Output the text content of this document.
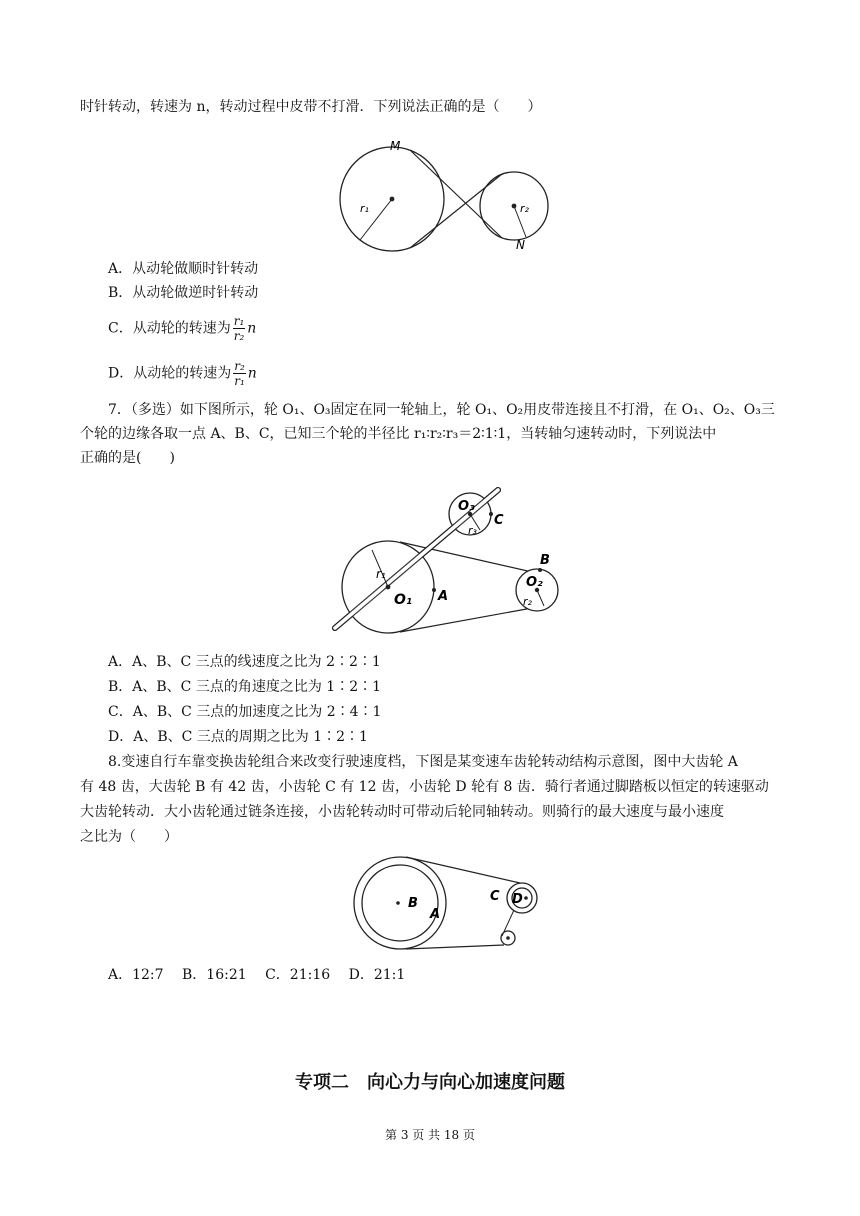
时针转动，转速为 n，转动过程中皮带不打滑．下列说法正确的是（　　）
M
N
r₁	r₂
A．从动轮做顺时针转动
B．从动轮做逆时针转动
C．从动轮的转速为 $\frac{\text{r₁}}{\text{r₂}}$ n
D．从动轮的转速为 $\frac{\text{r₂}}{\text{r₁}}$ n
7．（多选）如下图所示，轮 O₁、O₃固定在同一轮轴上，轮 O₁、O₂用皮带连接且不打滑，在 O₁、O₂、O₃三
个轮的边缘各取一点 A、B、C，已知三个轮的半径比 r₁∶r₂∶r₃＝2∶1∶1，当转轴匀速转动时，下列说法中
正确的是(　　)
O₁
r₁
A
O₂
r₂
B
O₃
r₃
C
A．A、B、C 三点的线速度之比为 2∶2∶1
B．A、B、C 三点的角速度之比为 1∶2∶1
C．A、B、C 三点的加速度之比为 2∶4∶1
D．A、B、C 三点的周期之比为 1∶2∶1
8.变速自行车靠变换齿轮组合来改变行驶速度档，下图是某变速车齿轮转动结构示意图，图中大齿轮 A
有 48 齿，大齿轮 B 有 42 齿，小齿轮 C 有 12 齿，小齿轮 D 轮有 8 齿．骑行者通过脚踏板以恒定的转速驱动
大齿轮转动．大小齿轮通过链条连接，小齿轮转动时可带动后轮同轴转动。则骑行的最大速度与最小速度
之比为（　　）
B
A
C D
A．12:7　 B．16:21　 C．21:16　 D．21:1
专项二　向心力与向心加速度问题
第 3 页 共 18 页
